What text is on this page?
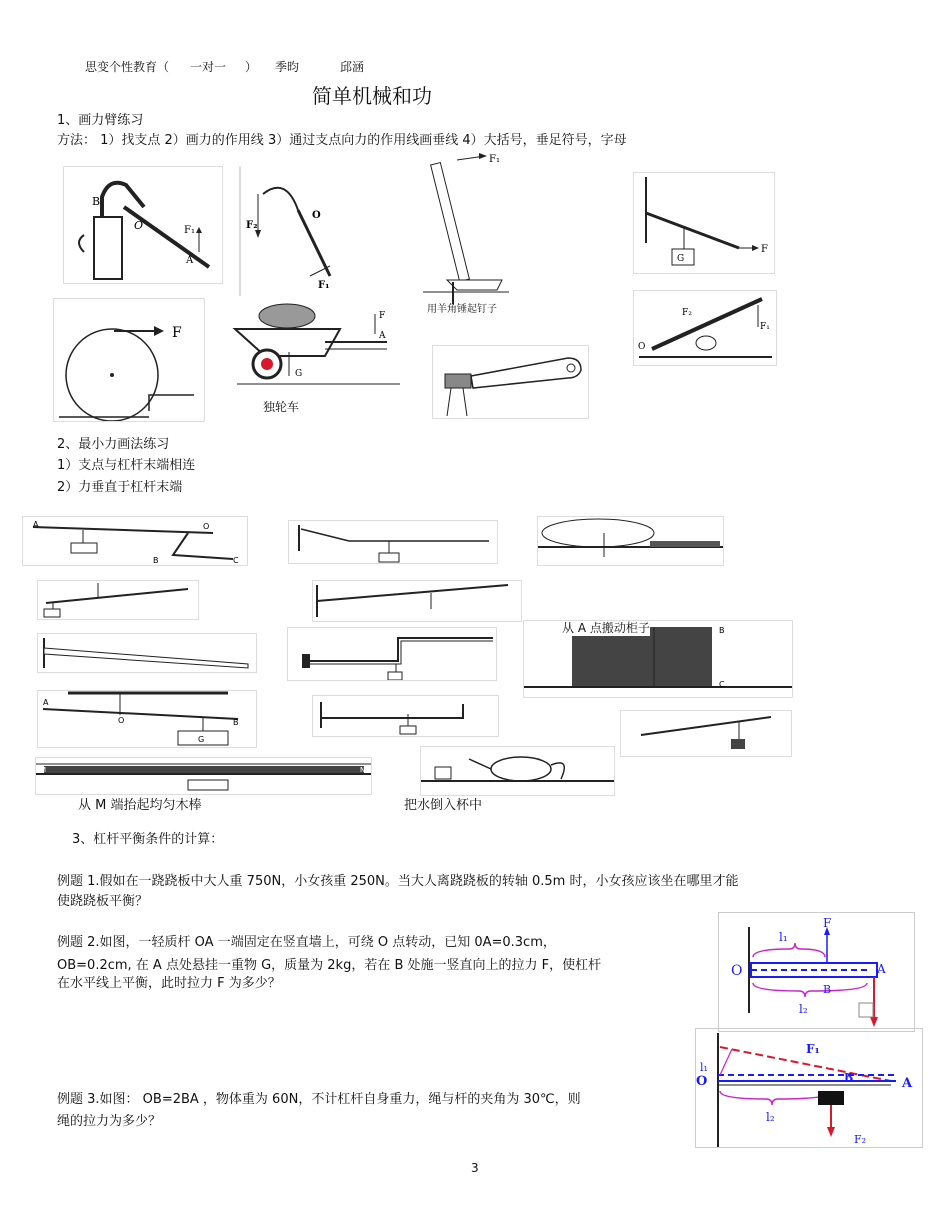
思变个性教育（ 一对一 ） 季昀	邱涵
简单机械和功
1、画力臂练习
方法： 1）找支点 2）画力的作用线 3）通过支点向力的作用线画垂线 4）大括号，垂足符号，字母
B
O	F₁
A
F₂
O
F₁
F₁
用羊角锤起钉子
G
F
F
G
F
A
独轮车
O
F₂
F₁
2、最小力画法练习
1）支点与杠杆末端相连
2）力垂直于杠杆末端
A	O
B	C
B
C
从 A 点搬动柜子
A
B
O
G
M	N
从 M 端抬起均匀木棒	把水倒入杯中
3、杠杆平衡条件的计算：
例题 1.假如在一跷跷板中大人重 750N，小女孩重 250N。当大人离跷跷板的转轴 0.5m 时，小女孩应该坐在哪里才能
使跷跷板平衡？
例题 2.如图，一轻质杆 OA 一端固定在竖直墙上，可绕 O 点转动，已知 0A=0.3cm，
OB=0.2cm, 在 A 点处悬挂一重物 G，质量为 2kg，若在 B 处施一竖直向上的拉力 F，使杠杆
在水平线上平衡，此时拉力 F 为多少？
F
l₁
l₂
O	A
B
F₁
l₁
O	A
B
l₂
F₂
例题 3.如图： OB=2BA ，物体重为 60N，不计杠杆自身重力，绳与杆的夹角为 30℃，则
绳的拉力为多少？
3
